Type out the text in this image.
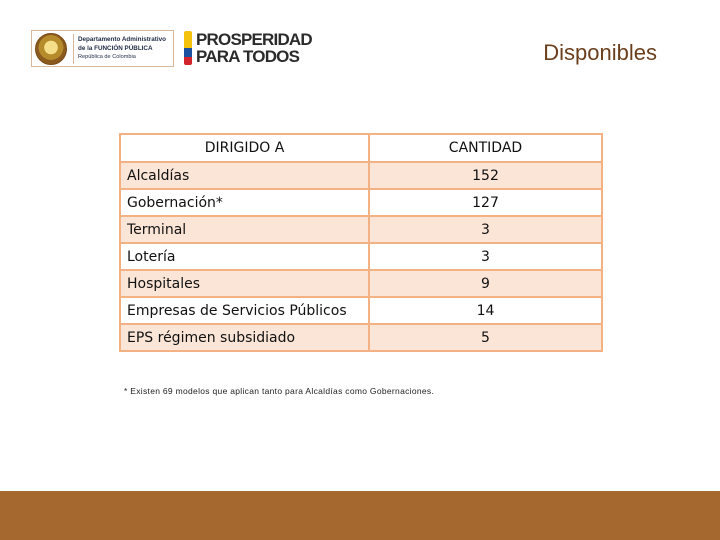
Departamento Administrativo
de la FUNCIÓN PÚBLICA
República de Colombia
PROSPERIDAD
PARA TODOS	Disponibles
DIRIGIDO A	CANTIDAD
Alcaldías	152
Gobernación*	127
Terminal	3
Lotería	3
Hospitales	9
Empresas de Servicios Públicos	14
EPS régimen subsidiado	5
* Existen 69 modelos que aplican tanto para Alcaldías como Gobernaciones.
